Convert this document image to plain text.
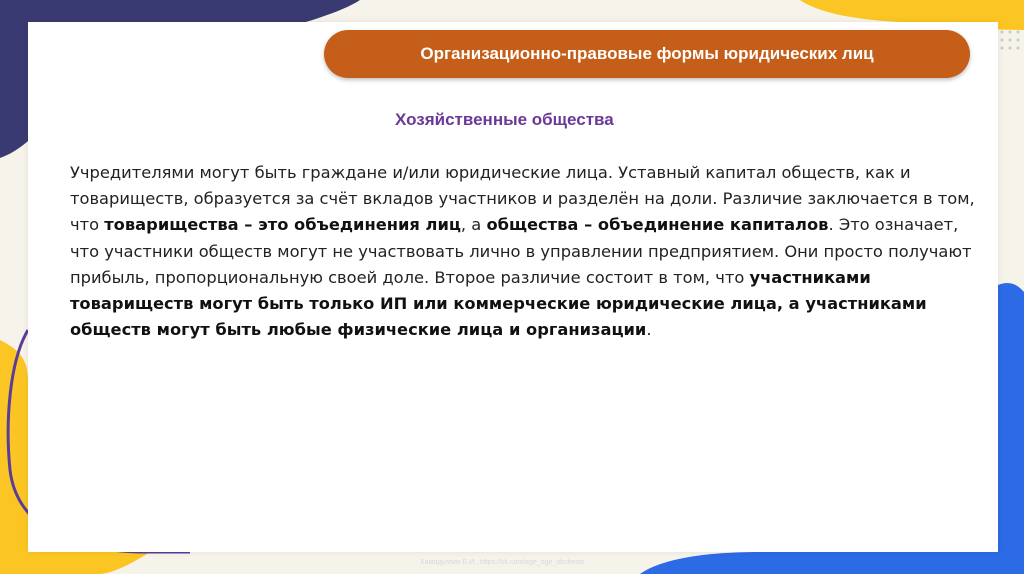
Организационно-правовые формы юридических лиц
Хозяйственные общества
Учредителями могут быть граждане и/или юридические лица. Уставный капитал обществ, как и товариществ, образуется за счёт вкладов участников и разделён на доли. Различие заключается в том, что товарищества – это объединения лиц, а общества – объединение капиталов. Это означает, что участники обществ могут не участвовать лично в управлении предприятием. Они просто получают прибыль, пропорциональную своей доле. Второе различие состоит в том, что участниками товариществ могут быть только ИП или коммерческие юридические лица, а участниками обществ могут быть любые физические лица и организации.
Хамидуллин Б.И., https://vk.com/ege_oge_obshestv
